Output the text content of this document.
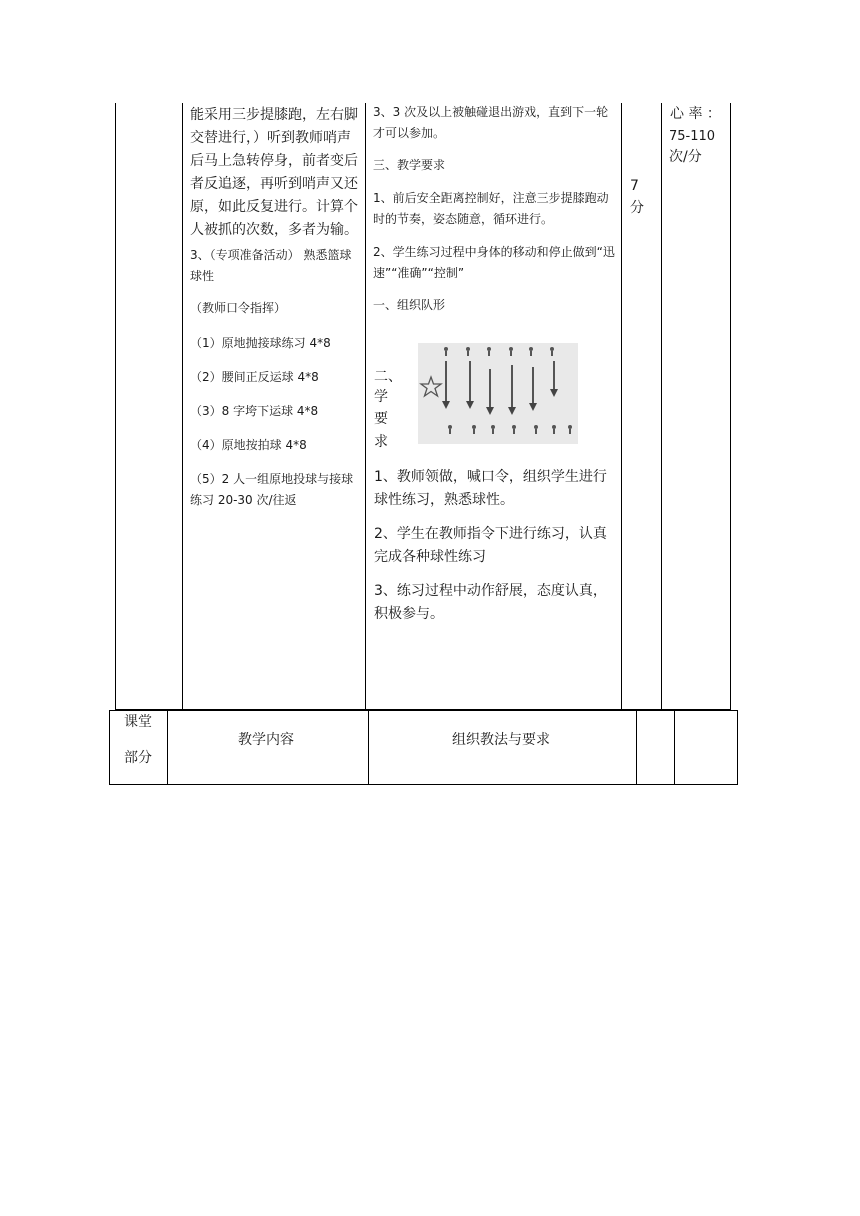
能采用三步提膝跑，左右脚交替进行，）听到教师哨声后马上急转停身，前者变后者反追逐，再听到哨声又还原，如此反复进行。计算个人被抓的次数，多者为输。
3、（专项准备活动） 熟悉篮球球性
（教师口令指挥）
（1）原地抛接球练习 4*8
（2）腰间正反运球 4*8
（3）8 字垮下运球 4*8
（4）原地按拍球 4*8
（5）2 人一组原地投球与接球练习 20-30 次/往返
3、3 次及以上被触碰退出游戏，直到下一轮才可以参加。
三、教学要求
1、前后安全距离控制好，注意三步提膝跑动时的节奏，姿态随意，循环进行。
2、学生练习过程中身体的移动和停止做到“迅速”“准确”“控制”
一、组织队形
二、
学
要
求
1、教师领做，喊口令，组织学生进行球性练习，熟悉球性。
2、学生在教师指令下进行练习，认真完成各种球性练习
3、练习过程中动作舒展，态度认真，积极参与。
7
分
心 率 ：
75-110
次/分
课堂
部分
教学内容	组织教法与要求
